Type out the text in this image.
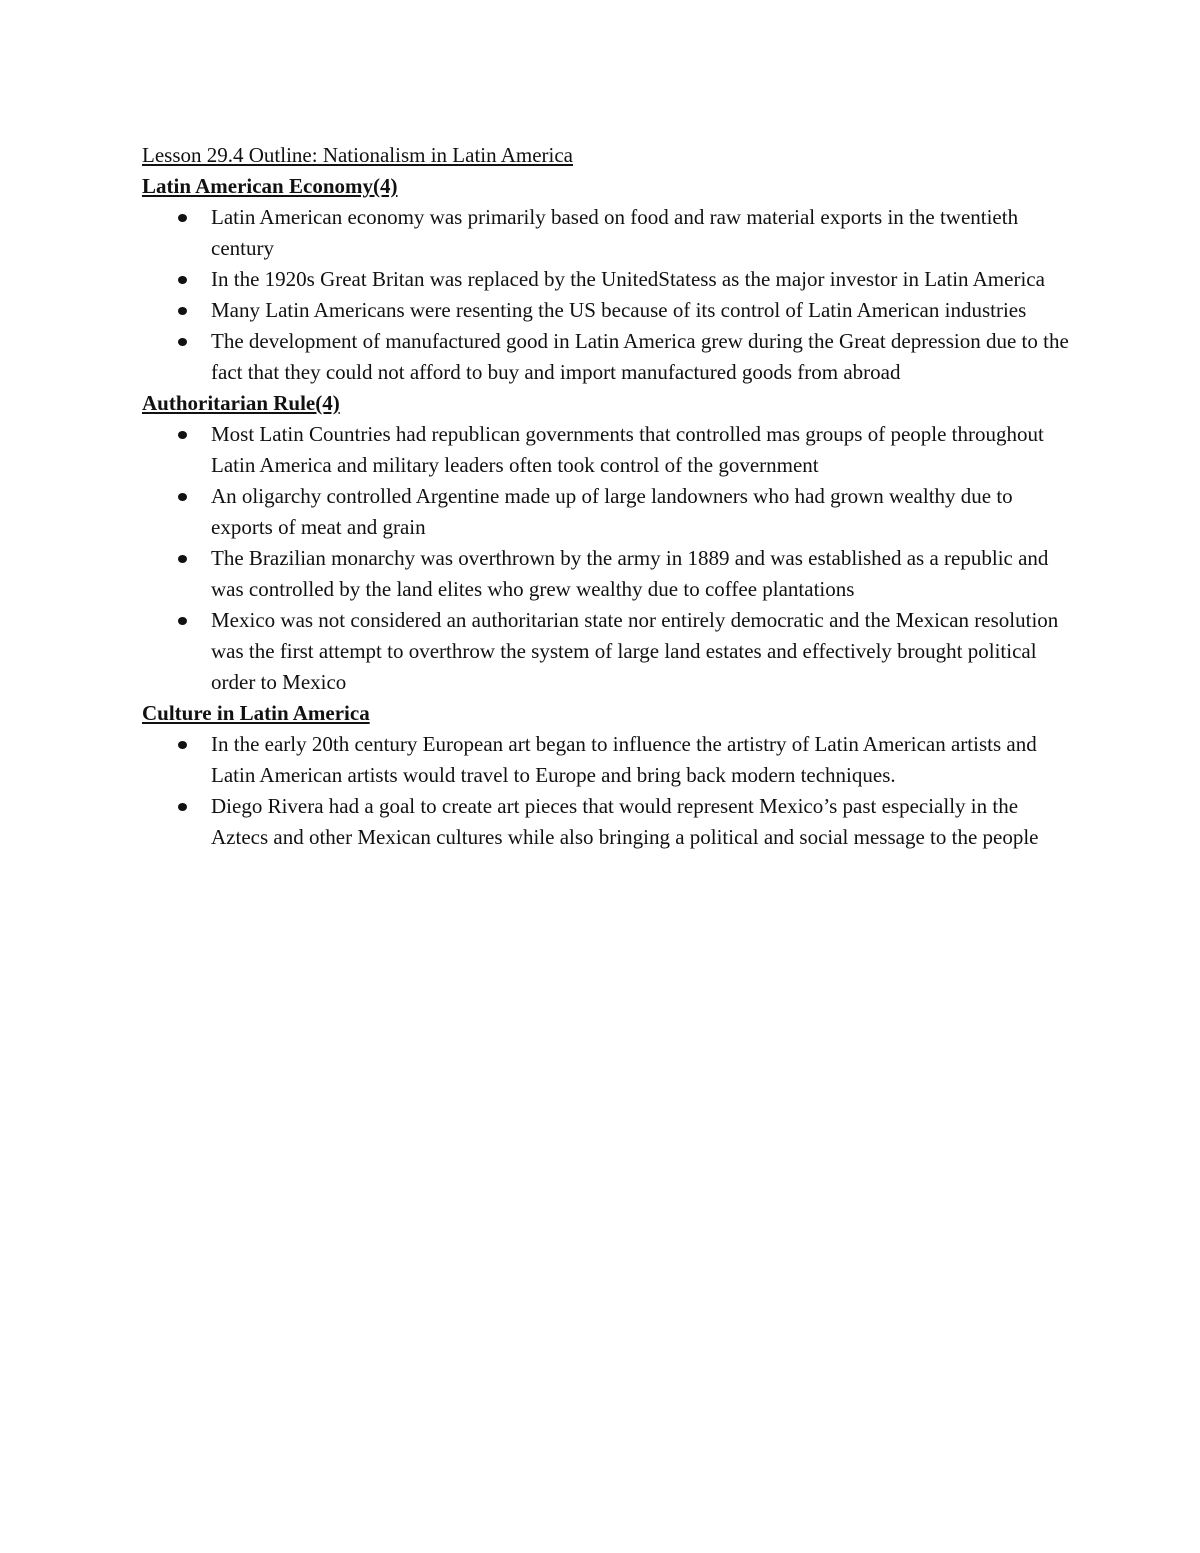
Lesson 29.4 Outline: Nationalism in Latin America

Latin American Economy(4)

Latin American economy was primarily based on food and raw material exports in the twentieth century
In the 1920s Great Britan was replaced by the UnitedStatess as the major investor in Latin America
Many Latin Americans were resenting the US because of its control of Latin American industries
The development of manufactured good in Latin America grew during the Great depression due to the fact that they could not afford to buy and import manufactured goods from abroad

Authoritarian Rule(4)

Most Latin Countries had republican governments that controlled mas groups of people throughout Latin America and military leaders often took control of the government
An oligarchy controlled Argentine made up of large landowners who had grown wealthy due to exports of meat and grain
The Brazilian monarchy was overthrown by the army in 1889 and was established as a republic and was controlled by the land elites who grew wealthy due to coffee plantations
Mexico was not considered an authoritarian state nor entirely democratic and the Mexican resolution was the first attempt to overthrow the system of large land estates and effectively brought political order to Mexico

Culture in Latin America

In the early 20th century European art began to influence the artistry of Latin American artists and Latin American artists would travel to Europe and bring back modern techniques.
Diego Rivera had a goal to create art pieces that would represent Mexico’s past especially in the Aztecs and other Mexican cultures while also bringing a political and social message to the people
